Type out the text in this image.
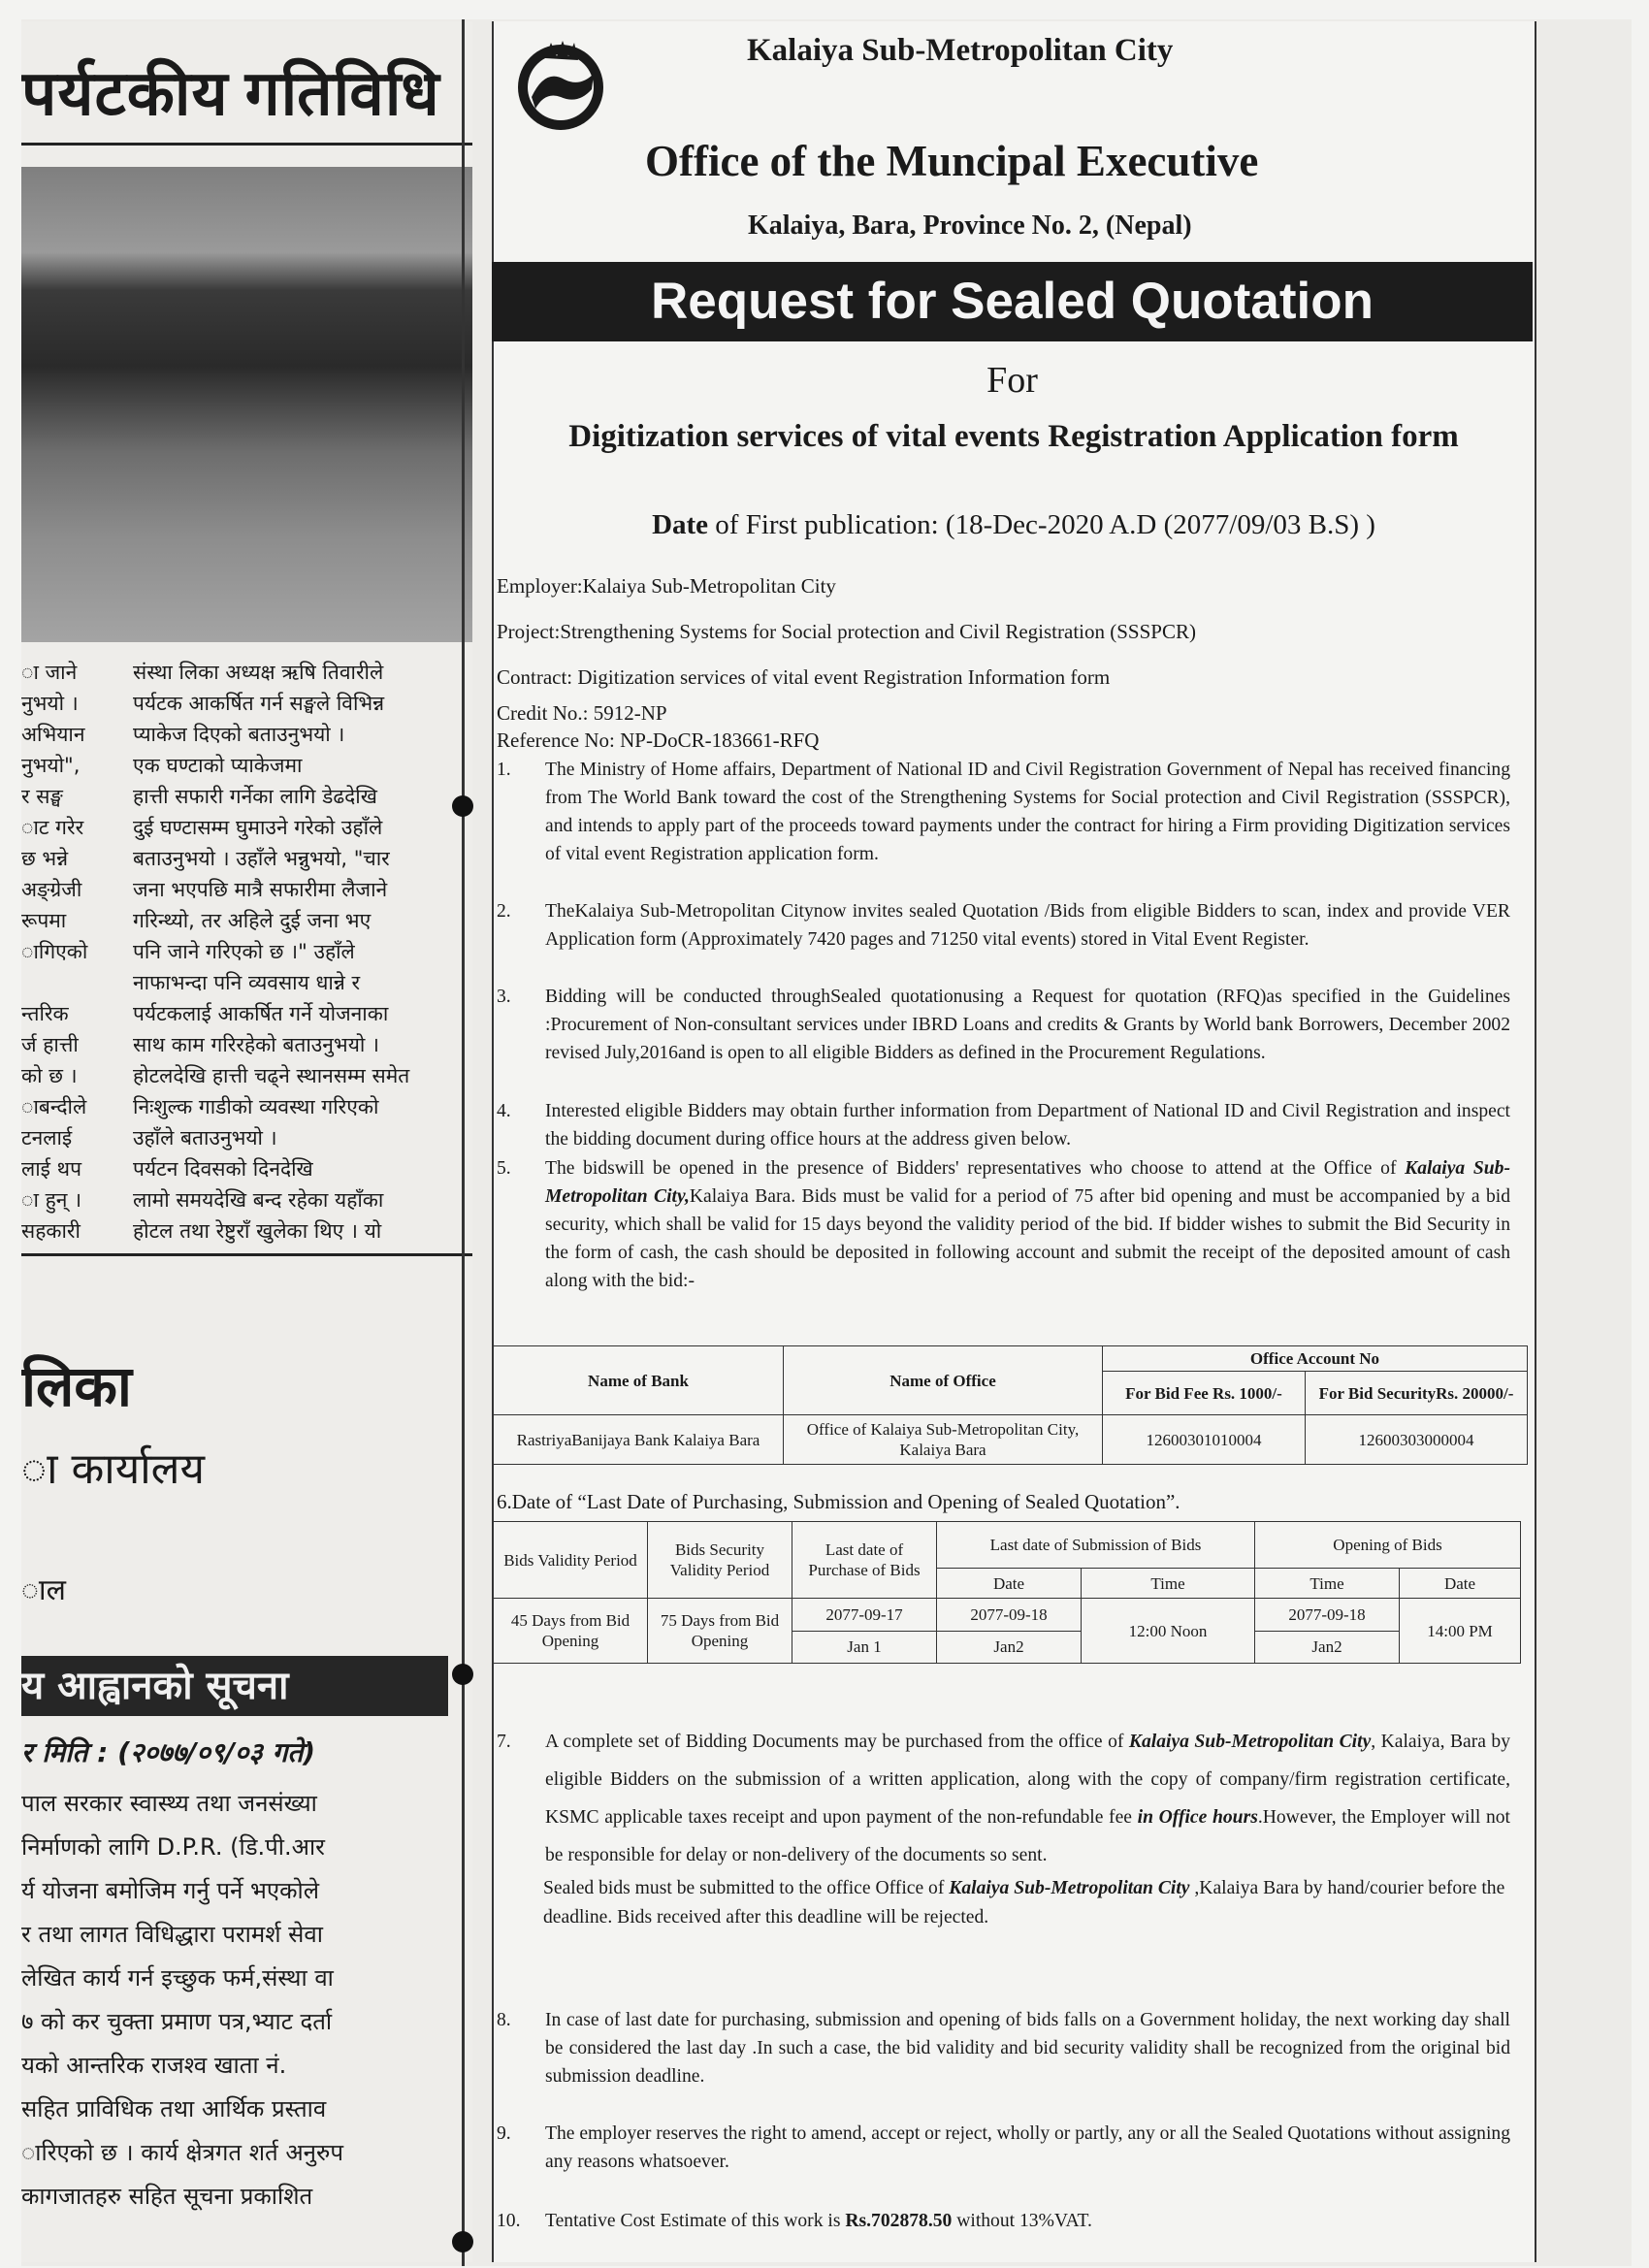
पर्यटकीय गतिविधि
ा जाने
नुभयो ।
अभियान
नुभयो",
र सङ्घ
ाट गरेर
छ भन्ने
अङ्ग्रेजी
रूपमा
ागिएको

न्तरिक
र्ज हात्ती
को छ ।
ाबन्दीले
टनलाई
लाई थप
ा हुन् ।
सहकारी
संस्था लिका अध्यक्ष ऋषि तिवारीले
पर्यटक आकर्षित गर्न सङ्घले विभिन्न
प्याकेज दिएको बताउनुभयो ।
एक घण्टाको प्याकेजमा
हात्ती सफारी गर्नेका लागि डेढदेखि
दुई घण्टासम्म घुमाउने गरेको उहाँले
बताउनुभयो । उहाँले भन्नुभयो, "चार
जना भएपछि मात्रै सफारीमा लैजाने
गरिन्थ्यो, तर अहिले दुई जना भए
पनि जाने गरिएको छ ।" उहाँले
नाफाभन्दा पनि व्यवसाय धान्ने र
पर्यटकलाई आकर्षित गर्ने योजनाका
साथ काम गरिरहेको बताउनुभयो ।
होटलदेखि हात्ती चढ्ने स्थानसम्म समेत
निःशुल्क गाडीको व्यवस्था गरिएको
उहाँले बताउनुभयो ।
पर्यटन दिवसको दिनदेखि
लामो समयदेखि बन्द रहेका यहाँका
होटल तथा रेष्टुराँ खुलेका थिए । यो
लिका
ा कार्यालय
ाल
य आह्वानको सूचना
र मिति : (२०७७/०९/०३ गते)
पाल सरकार स्वास्थ्य तथा जनसंख्या
निर्माणको लागि D.P.R. (डि.पी.आर
र्य योजना बमोजिम गर्नु पर्ने भएकोले
र तथा लागत विधिद्धारा परामर्श सेवा
लेखित कार्य गर्न इच्छुक फर्म,संस्था वा
७ को कर चुक्ता प्रमाण पत्र,भ्याट दर्ता
यको आन्तरिक राजश्व खाता नं.
सहित प्राविधिक तथा आर्थिक प्रस्ताव
ारिएको छ । कार्य क्षेत्रगत शर्त अनुरुप
कागजातहरु सहित सूचना प्रकाशित
Kalaiya Sub-Metropolitan City
Office of the Muncipal Executive
Kalaiya, Bara, Province No. 2, (Nepal)
Request for Sealed Quotation
For
Digitization services of vital events Registration Application form
Date of First publication: (18-Dec-2020 A.D (2077/09/03 B.S) )
Employer:Kalaiya Sub-Metropolitan City
Project:Strengthening Systems for Social protection and Civil Registration (SSSPCR)
Contract: Digitization services of vital event Registration Information form
Credit No.: 5912-NP
Reference No: NP-DoCR-183661-RFQ
1. The Ministry of Home affairs, Department of National ID and Civil Registration Government of Nepal has received financing from The World Bank toward the cost of the Strengthening Systems for Social protection and Civil Registration (SSSPCR), and intends to apply part of the proceeds toward payments under the contract for hiring a Firm providing Digitization services of vital event Registration application form.
2. TheKalaiya Sub-Metropolitan Citynow invites sealed Quotation /Bids from eligible Bidders to scan, index and provide VER Application form (Approximately 7420 pages and 71250 vital events) stored in Vital Event Register.
3. Bidding will be conducted throughSealed quotationusing a Request for quotation (RFQ)as specified in the Guidelines :Procurement of Non-consultant services under IBRD Loans and credits & Grants by World bank Borrowers, December 2002 revised July,2016and is open to all eligible Bidders as defined in the Procurement Regulations.
4. Interested eligible Bidders may obtain further information from Department of National ID and Civil Registration and inspect the bidding document during office hours at the address given below.
5. The bidswill be opened in the presence of Bidders' representatives who choose to attend at the Office of Kalaiya Sub-Metropolitan City,Kalaiya Bara. Bids must be valid for a period of 75 after bid opening and must be accompanied by a bid security, which shall be valid for 15 days beyond the validity period of the bid. If bidder wishes to submit the Bid Security in the form of cash, the cash should be deposited in following account and submit the receipt of the deposited amount of cash along with the bid:-
Name of Bank	Name of Office	Office Account No	
		For Bid Fee Rs. 1000/-	For Bid SecurityRs. 20000/-
RastriyaBanijaya Bank Kalaiya Bara	Office of Kalaiya Sub-Metropolitan City, Kalaiya Bara	12600301010004	12600303000004
6.Date of “Last Date of Purchasing, Submission and Opening of Sealed Quotation”.
Bids Validity Period	Bids Security Validity Period	Last date of Purchase of Bids	Last date of Submission of Bids		Opening of Bids	
			Date	Time	Time	Date
45 Days from Bid Opening	75 Days from Bid Opening	2077-09-17	2077-09-18	12:00 Noon	2077-09-18	14:00 PM
		Jan 1	Jan2		Jan2	
7. A complete set of Bidding Documents may be purchased from the office of Kalaiya Sub-Metropolitan City, Kalaiya, Bara by eligible Bidders on the submission of a written application, along with the copy of company/firm registration certificate, KSMC applicable taxes receipt and upon payment of the non-refundable fee in Office hours.However, the Employer will not be responsible for delay or non-delivery of the documents so sent.
Sealed bids must be submitted to the office Office of Kalaiya Sub-Metropolitan City ,Kalaiya Bara by hand/courier before the deadline. Bids received after this deadline will be rejected.
8. In case of last date for purchasing, submission and opening of bids falls on a Government holiday, the next working day shall be considered the last day .In such a case, the bid validity and bid security validity shall be recognized from the original bid submission deadline.
9. The employer reserves the right to amend, accept or reject, wholly or partly, any or all the Sealed Quotations without assigning any reasons whatsoever.
10. Tentative Cost Estimate of this work is Rs.702878.50 without 13%VAT.
